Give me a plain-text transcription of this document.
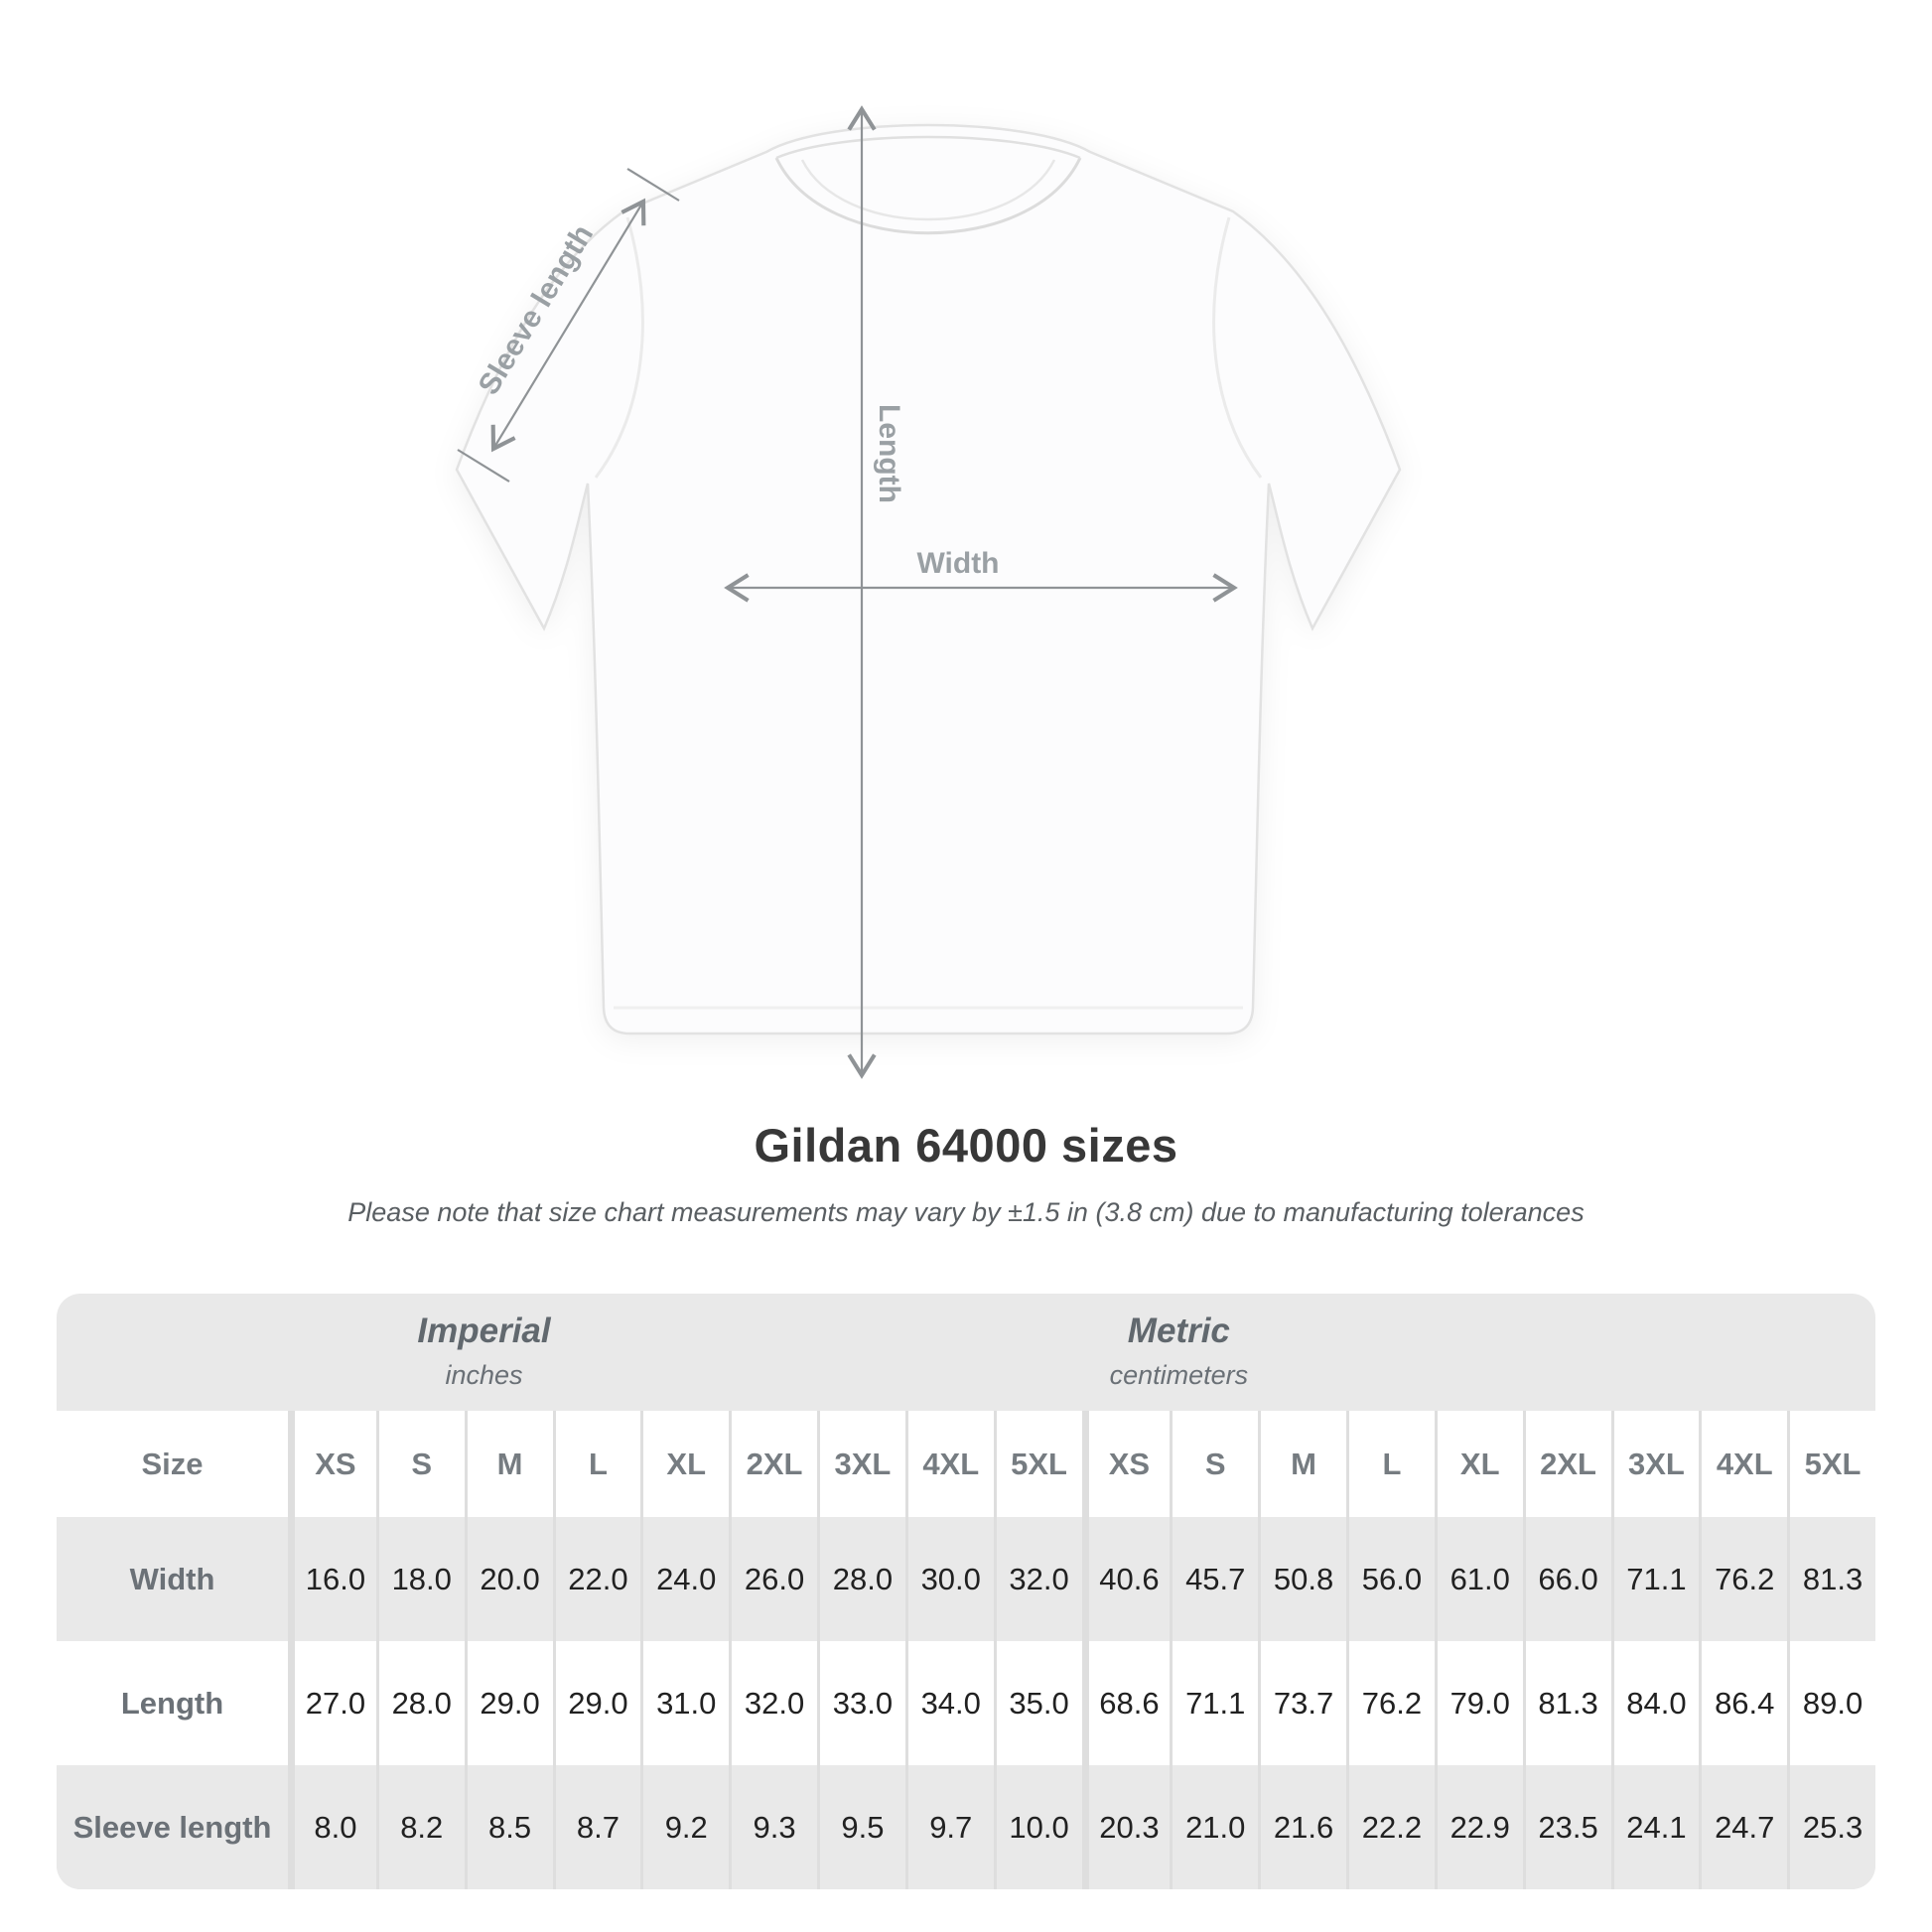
Sleeve length
Length
Width
Gildan 64000 sizes
Please note that size chart measurements may vary by ±1.5 in (3.8 cm) due to manufacturing tolerances
Imperial
inches
Metric
centimeters
Size	XS	S	M	L	XL	2XL	3XL	4XL	5XL	XS	S	M	L	XL	2XL	3XL	4XL	5XL
Width	16.0 18.0 20.0 22.0 24.0 26.0 28.0 30.0 32.0 40.6 45.7 50.8 56.0 61.0 66.0 71.1 76.2 81.3
Length	27.0 28.0 29.0 29.0 31.0 32.0 33.0 34.0 35.0 68.6 71.1 73.7 76.2 79.0 81.3 84.0 86.4 89.0
Sleeve length	8.0	8.2	8.5	8.7	9.2	9.3	9.5	9.7	10.0 20.3 21.0 21.6 22.2 22.9 23.5 24.1 24.7 25.3
